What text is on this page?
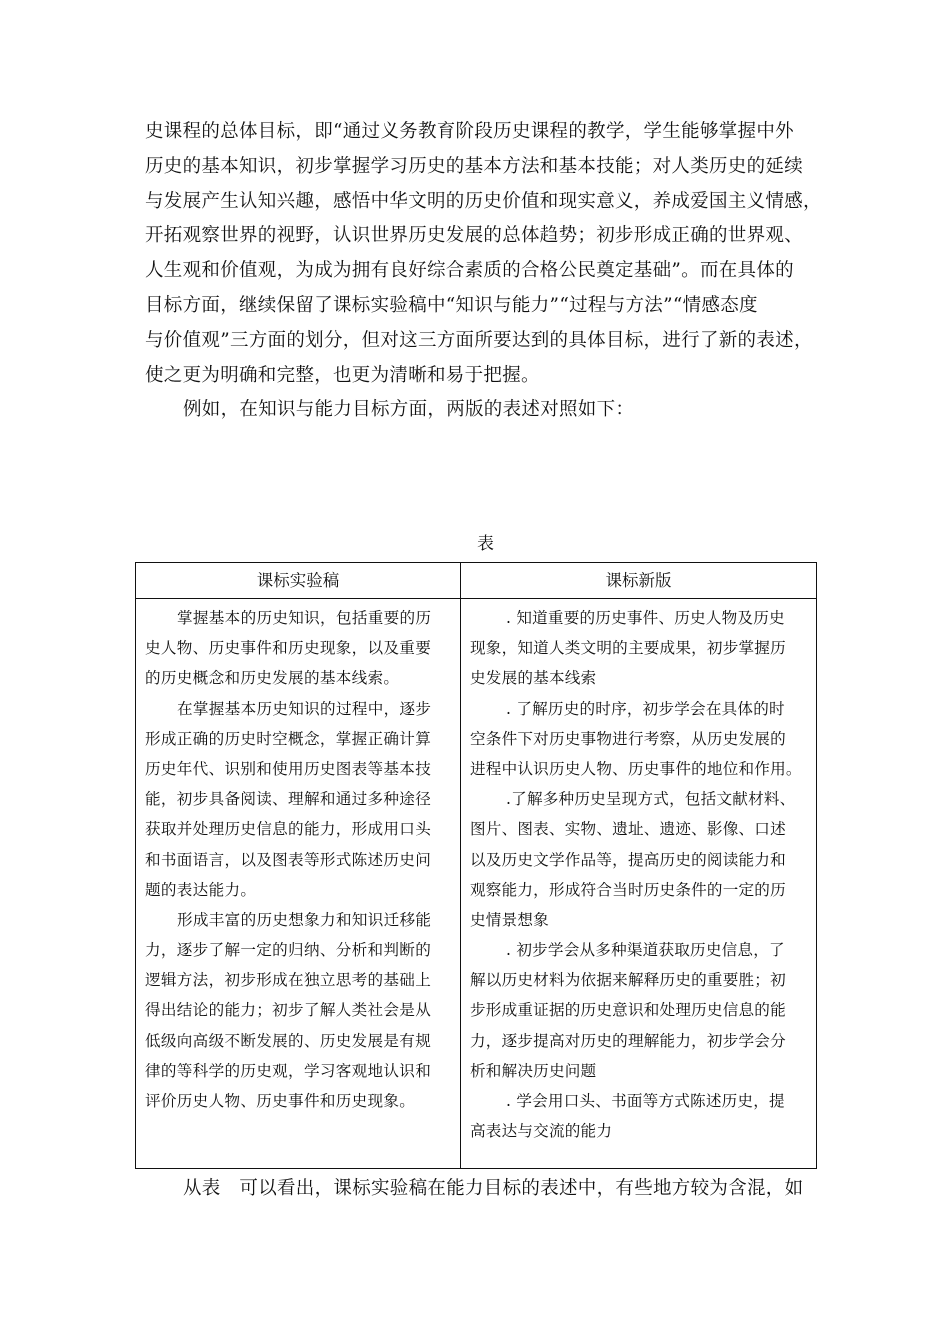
史课程的总体目标，即“通过义务教育阶段历史课程的教学，学生能够掌握中外
历史的基本知识，初步掌握学习历史的基本方法和基本技能；对人类历史的延续
与发展产生认知兴趣，感悟中华文明的历史价值和现实意义，养成爱国主义情感，
开拓观察世界的视野，认识世界历史发展的总体趋势；初步形成正确的世界观、
人生观和价值观，为成为拥有良好综合素质的合格公民奠定基础”。而在具体的
目标方面，继续保留了课标实验稿中“知识与能力”“过程与方法”“情感态度
与价值观”三方面的划分，但对这三方面所要达到的具体目标，进行了新的表述，
使之更为明确和完整，也更为清晰和易于把握。
例如，在知识与能力目标方面，两版的表述对照如下：
表
课标实验稿	课标新版
掌握基本的历史知识，包括重要的历
史人物、历史事件和历史现象，以及重要
的历史概念和历史发展的基本线索。
在掌握基本历史知识的过程中，逐步
形成正确的历史时空概念，掌握正确计算
历史年代、识别和使用历史图表等基本技
能，初步具备阅读、理解和通过多种途径
获取并处理历史信息的能力，形成用口头
和书面语言，以及图表等形式陈述历史问
题的表达能力。
形成丰富的历史想象力和知识迁移能
力，逐步了解一定的归纳、分析和判断的
逻辑方法，初步形成在独立思考的基础上
得出结论的能力；初步了解人类社会是从
低级向高级不断发展的、历史发展是有规
律的等科学的历史观，学习客观地认识和
评价历史人物、历史事件和历史现象。
. 知道重要的历史事件、历史人物及历史
现象，知道人类文明的主要成果，初步掌握历
史发展的基本线索
. 了解历史的时序，初步学会在具体的时
空条件下对历史事物进行考察，从历史发展的
进程中认识历史人物、历史事件的地位和作用。
.了解多种历史呈现方式，包括文献材料、
图片、图表、实物、遗址、遗迹、影像、口述
以及历史文学作品等，提高历史的阅读能力和
观察能力，形成符合当时历史条件的一定的历
史情景想象
. 初步学会从多种渠道获取历史信息，了
解以历史材料为依据来解释历史的重要胜；初
步形成重证据的历史意识和处理历史信息的能
力，逐步提高对历史的理解能力，初步学会分
析和解决历史问题
. 学会用口头、书面等方式陈述历史，提
高表达与交流的能力
从表　可以看出，课标实验稿在能力目标的表述中，有些地方较为含混，如
